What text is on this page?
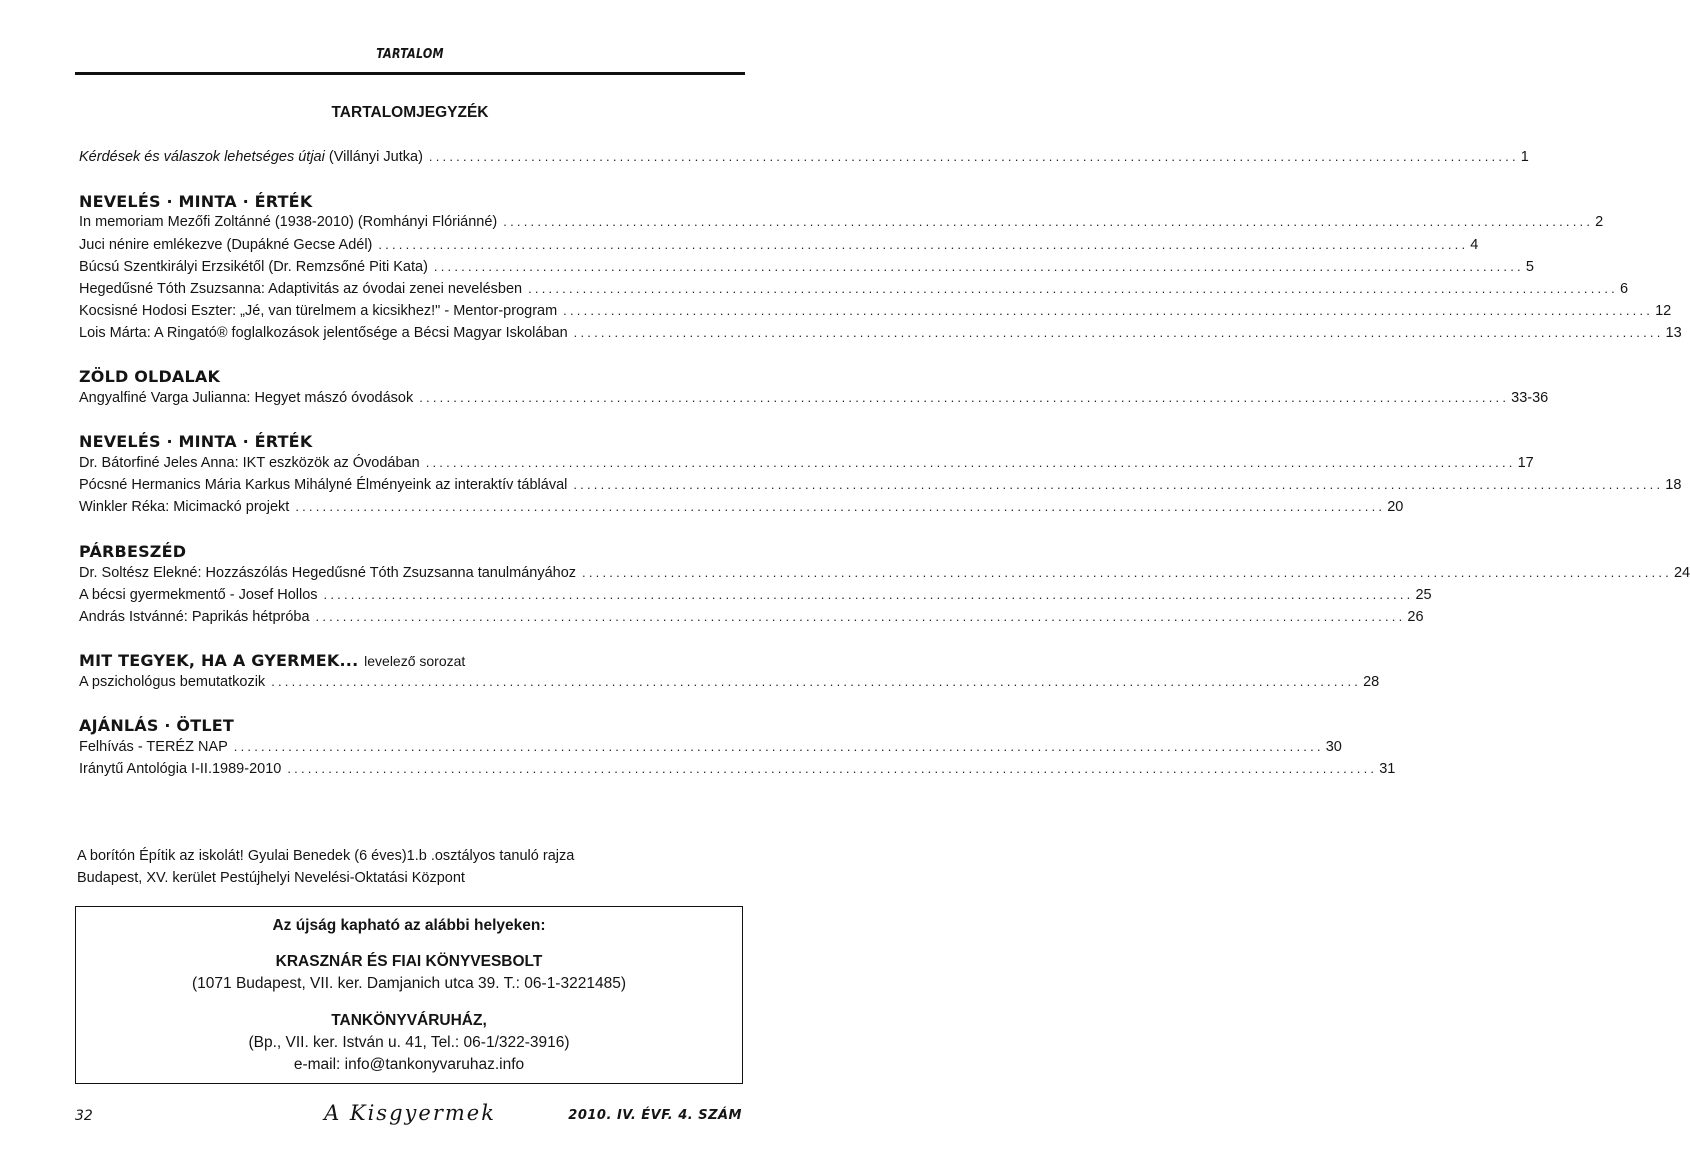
TARTALOM
TARTALOMJEGYZÉK
Kérdések és válaszok lehetséges útjai (Villányi Jutka) ................................................................................................................................................................ 1
NEVELÉS · MINTA · ÉRTÉK
In memoriam Mezőfi Zoltánné (1938-2010) (Romhányi Flóriánné) ................................................................................................................................................................ 2
Juci nénire emlékezve (Dupákné Gecse Adél) ................................................................................................................................................................ 4
Búcsú Szentkirályi Erzsikétől (Dr. Remzsőné Piti Kata) ................................................................................................................................................................ 5
Hegedűsné Tóth Zsuzsanna: Adaptivitás az óvodai zenei nevelésben ................................................................................................................................................................ 6
Kocsisné Hodosi Eszter: „Jé, van türelmem a kicsikhez!" - Mentor-program ................................................................................................................................................................ 12
Lois Márta: A Ringató® foglalkozások jelentősége a Bécsi Magyar Iskolában ................................................................................................................................................................ 13
ZÖLD OLDALAK
Angyalfiné Varga Julianna: Hegyet mászó óvodások ................................................................................................................................................................ 33-36
NEVELÉS · MINTA · ÉRTÉK
Dr. Bátorfiné Jeles Anna: IKT eszközök az Óvodában ................................................................................................................................................................ 17
Pócsné Hermanics Mária Karkus Mihályné Élményeink az interaktív táblával ................................................................................................................................................................ 18
Winkler Réka: Micimackó projekt ................................................................................................................................................................ 20
PÁRBESZÉD
Dr. Soltész Elekné: Hozzászólás Hegedűsné Tóth Zsuzsanna tanulmányához ................................................................................................................................................................ 24
A bécsi gyermekmentő - Josef Hollos ................................................................................................................................................................ 25
András Istvánné: Paprikás hétpróba ................................................................................................................................................................ 26
MIT TEGYEK, HA A GYERMEK... levelező sorozat
A pszichológus bemutatkozik ................................................................................................................................................................ 28
AJÁNLÁS · ÖTLET
Felhívás - TERÉZ NAP ................................................................................................................................................................ 30
Iránytű Antológia I-II.1989-2010 ................................................................................................................................................................ 31
A borítón Építik az iskolát! Gyulai Benedek (6 éves)1.b .osztályos tanuló rajza
Budapest, XV. kerület Pestújhelyi Nevelési-Oktatási Központ
Az újság kapható az alábbi helyeken:
KRASZNÁR ÉS FIAI KÖNYVESBOLT
(1071 Budapest, VII. ker. Damjanich utca 39. T.: 06-1-3221485)
TANKÖNYVÁRUHÁZ,
(Bp., VII. ker. István u. 41, Tel.: 06-1/322-3916)
e-mail: info@tankonyvaruhaz.info
32	A Kisgyermek	2010. IV. ÉVF. 4. SZÁM
